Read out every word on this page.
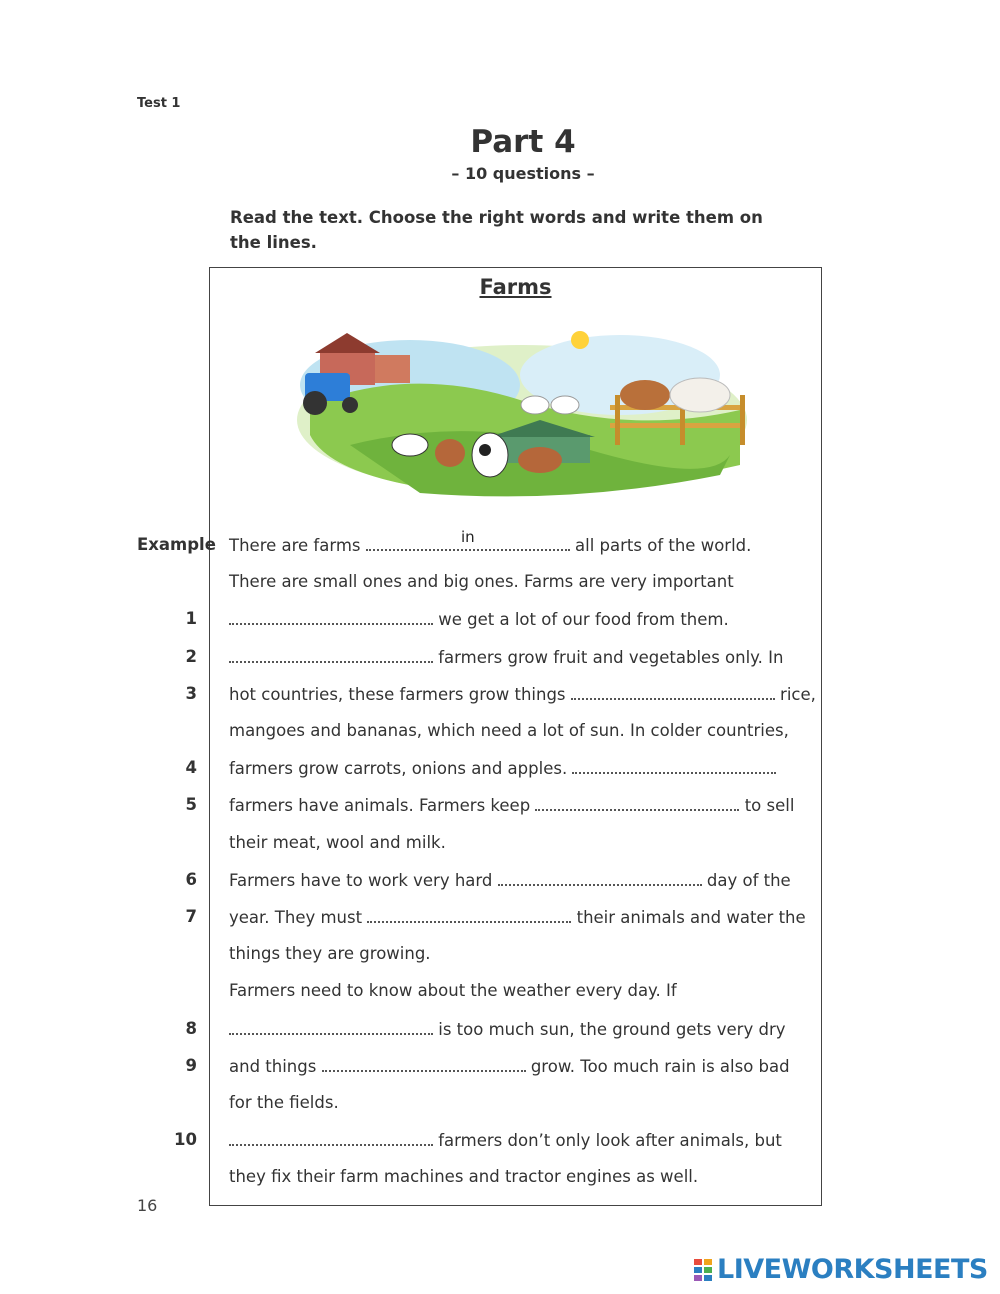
Test 1
Part 4
– 10 questions –
Read the text. Choose the right words and write them on the lines.
Farms
Example There are farms	in	all parts of the world.
There are small ones and big ones. Farms are very important
1	we get a lot of our food from them.
2	farmers grow fruit and vegetables only. In
3 hot countries, these farmers grow things	rice,
mangoes and bananas, which need a lot of sun. In colder countries,
4 farmers grow carrots, onions and apples.
5 farmers have animals. Farmers keep	to sell
their meat, wool and milk.
6 Farmers have to work very hard	day of the
7 year. They must	their animals and water the
things they are growing.
Farmers need to know about the weather every day. If
8	is too much sun, the ground gets very dry
9 and things	grow. Too much rain is also bad
for the fields.
10	farmers don’t only look after animals, but
they fix their farm machines and tractor engines as well.
16
LIVEWORKSHEETS
